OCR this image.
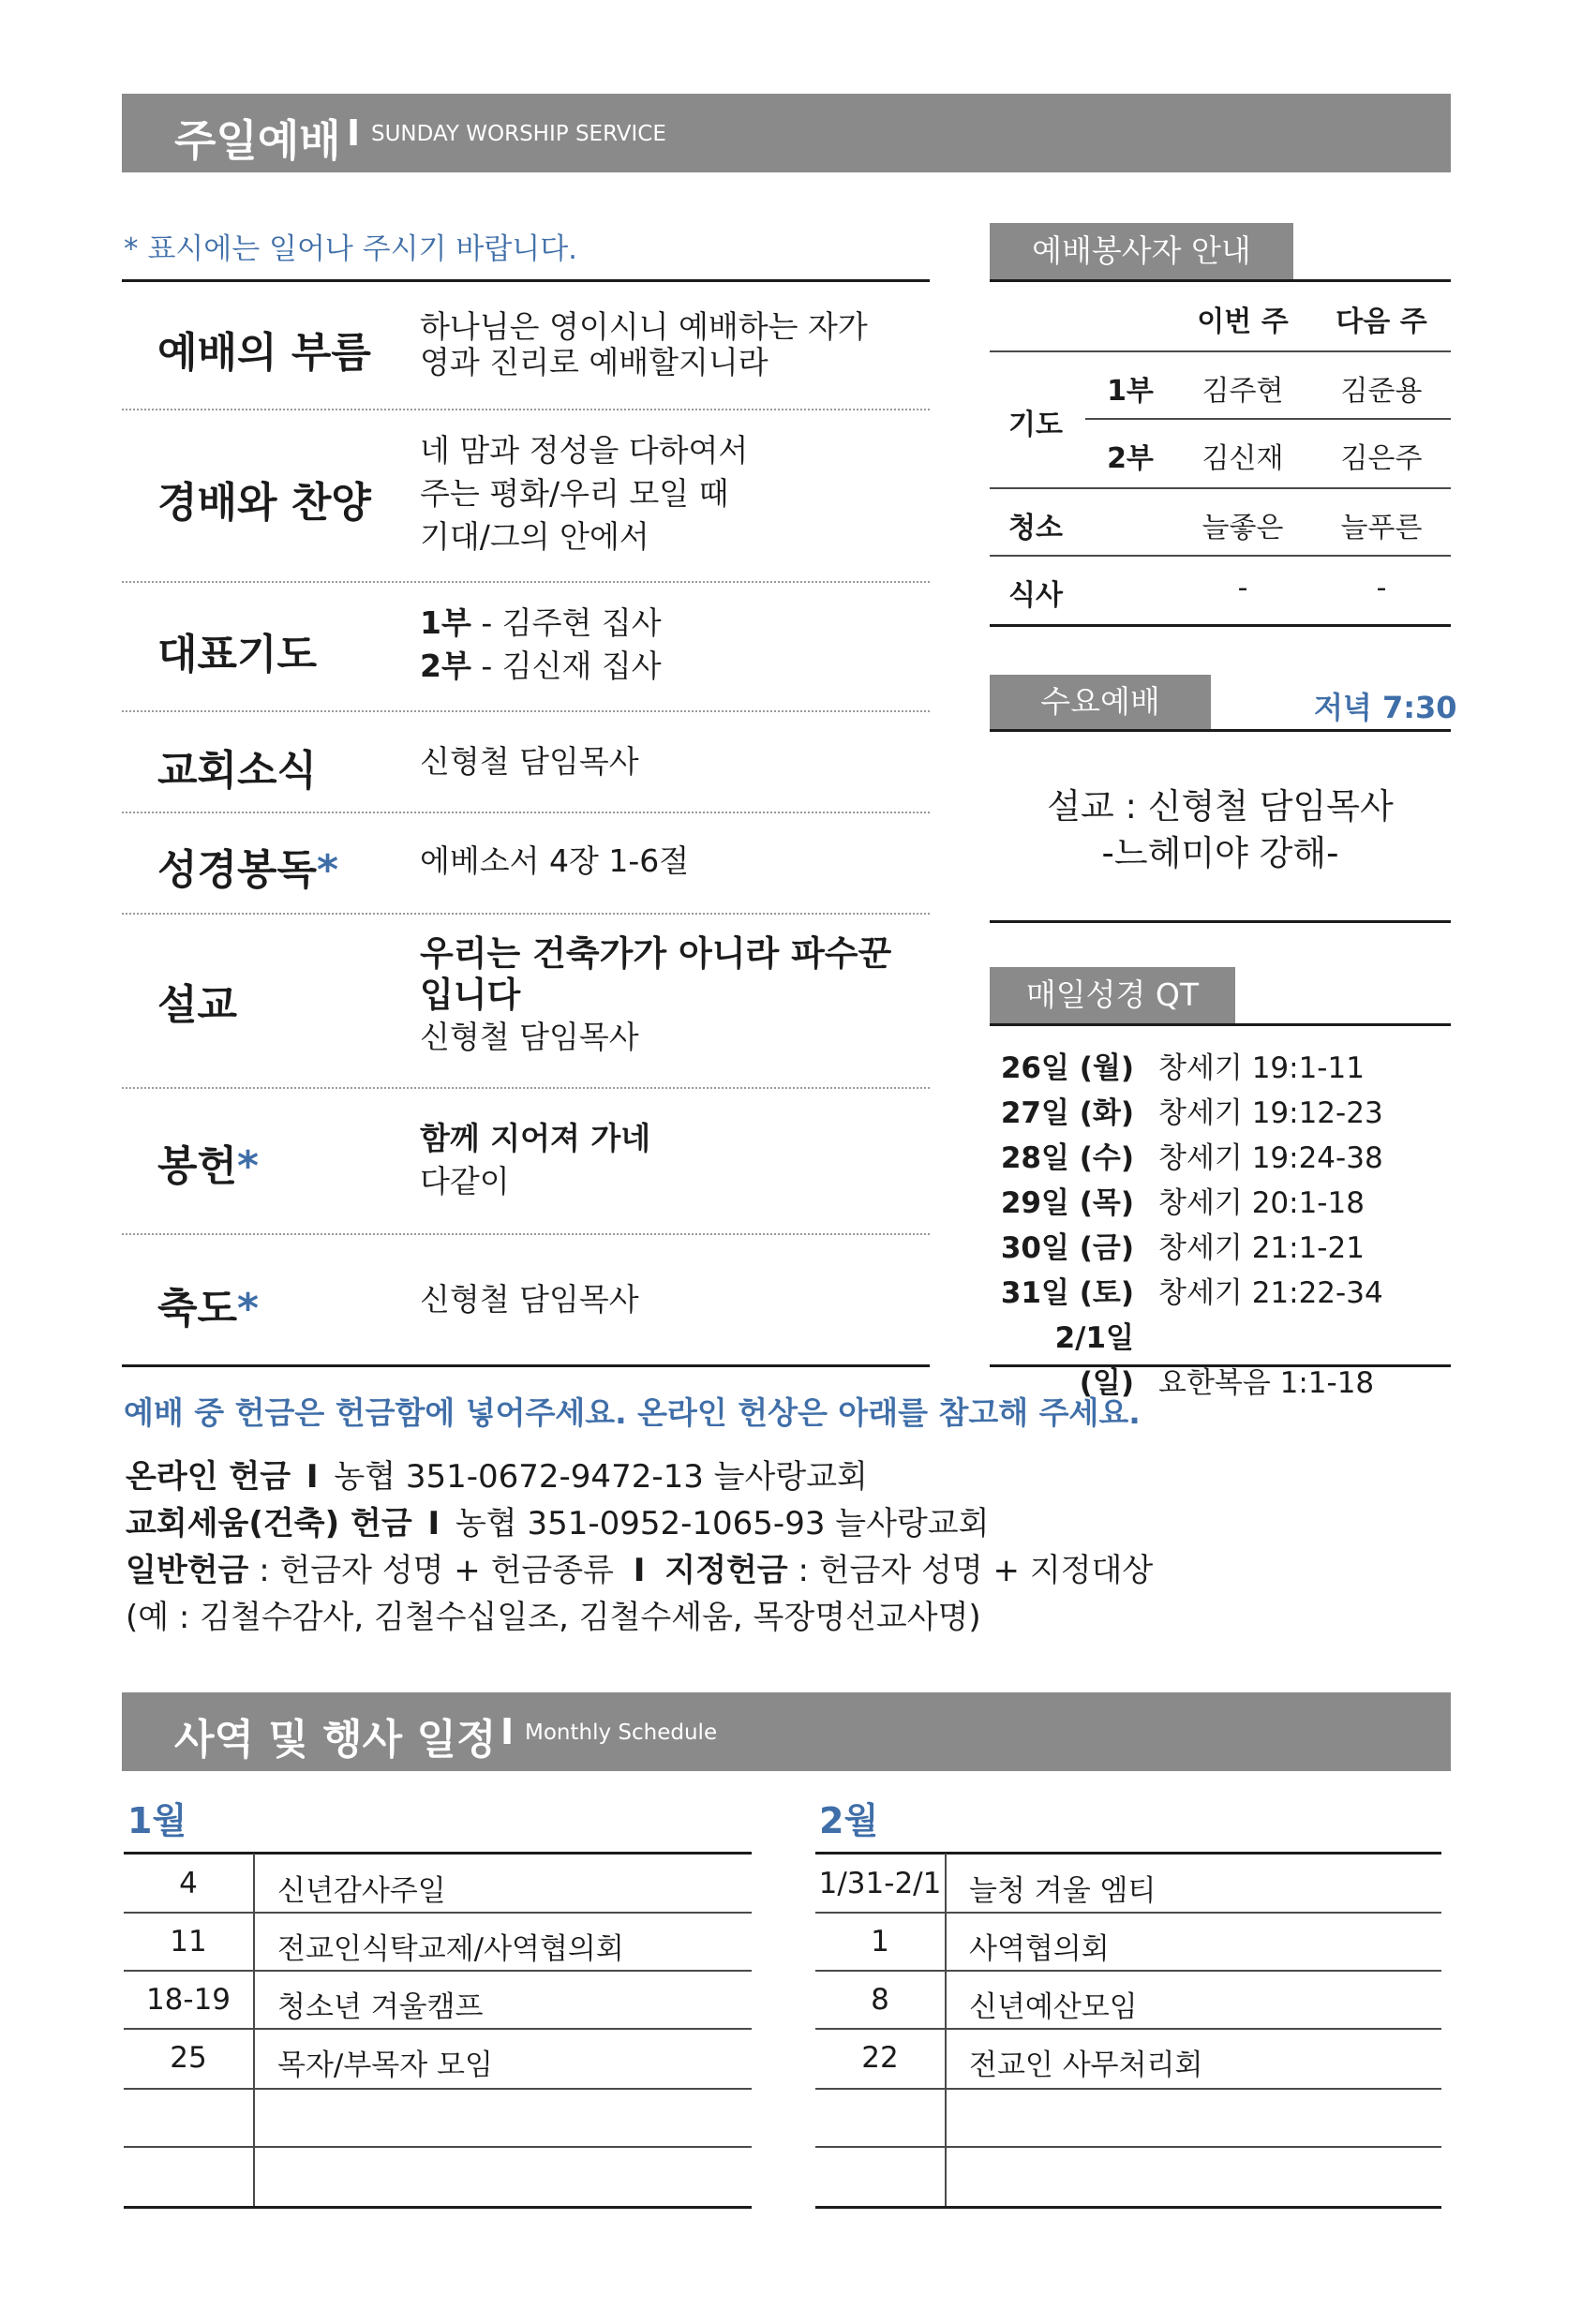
주일예배 I SUNDAY WORSHIP SERVICE
* 표시에는 일어나 주시기 바랍니다.
예배의 부름
하나님은 영이시니 예배하는 자가
영과 진리로 예배할지니라
경배와 찬양
네 맘과 정성을 다하여서
주는 평화/우리 모일 때
기대/그의 안에서
대표기도
1부 - 김주현 집사
2부 - 김신재 집사
교회소식	신형철 담임목사
성경봉독*	에베소서 4장 1-6절
설교
우리는 건축가가 아니라 파수꾼
입니다
신형철 담임목사
봉헌*
함께 지어져 가네
다같이
축도*	신형철 담임목사
예배봉사자 안내
이번 주	다음 주
기도
1부	김주현	김준용
2부	김신재	김은주
청소	늘좋은	늘푸른
식사	-	-
수요예배	저녁 7:30
설교 : 신형철 담임목사
-느헤미야 강해-
매일성경 QT
26일 (월) 창세기 19:1-11
27일 (화) 창세기 19:12-23
28일 (수) 창세기 19:24-38
29일 (목) 창세기 20:1-18
30일 (금) 창세기 21:1-21
31일 (토) 창세기 21:22-34
2/1일 (일) 요한복음 1:1-18
예배 중 헌금은 헌금함에 넣어주세요. 온라인 헌상은 아래를 참고해 주세요.
온라인 헌금 I 농협 351-0672-9472-13 늘사랑교회
교회세움(건축) 헌금 I 농협 351-0952-1065-93 늘사랑교회
일반헌금 : 헌금자 성명 + 헌금종류 I 지정헌금 : 헌금자 성명 + 지정대상
(예 : 김철수감사, 김철수십일조, 김철수세움, 목장명선교사명)
사역 및 행사 일정 I Monthly Schedule
1월
4	신년감사주일
11	전교인식탁교제/사역협의회
18-19	청소년 겨울캠프
25	목자/부목자 모임
2월
1/31-2/1 늘청 겨울 엠티
1	사역협의회
8	신년예산모임
22	전교인 사무처리회
